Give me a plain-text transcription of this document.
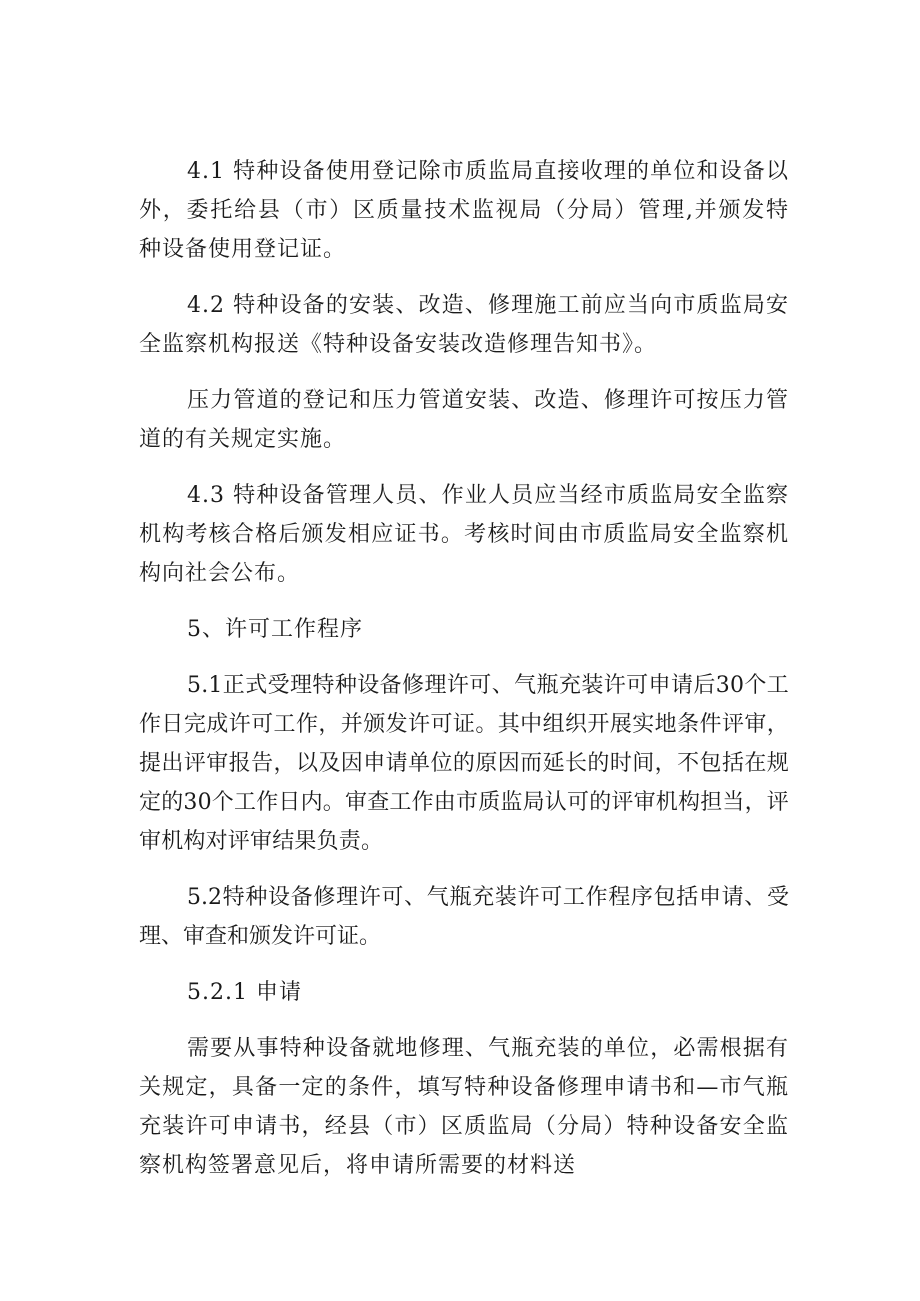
4.1 特种设备使用登记除市质监局直接收理的单位和设备以外，委托给县（市）区质量技术监视局（分局）管理,并颁发特种设备使用登记证。

4.2 特种设备的安装、改造、修理施工前应当向市质监局安全监察机构报送《特种设备安装改造修理告知书》。

压力管道的登记和压力管道安装、改造、修理许可按压力管道的有关规定实施。

4.3 特种设备管理人员、作业人员应当经市质监局安全监察机构考核合格后颁发相应证书。考核时间由市质监局安全监察机构向社会公布。

5、许可工作程序

5.1正式受理特种设备修理许可、气瓶充装许可申请后30个工作日完成许可工作，并颁发许可证。其中组织开展实地条件评审，提出评审报告，以及因申请单位的原因而延长的时间，不包括在规定的30个工作日内。审查工作由市质监局认可的评审机构担当，评审机构对评审结果负责。

5.2特种设备修理许可、气瓶充装许可工作程序包括申请、受理、审查和颁发许可证。

5.2.1 申请

需要从事特种设备就地修理、气瓶充装的单位，必需根据有关规定，具备一定的条件，填写特种设备修理申请书和—市气瓶充装许可申请书，经县（市）区质监局（分局）特种设备安全监察机构签署意见后，将申请所需要的材料送
